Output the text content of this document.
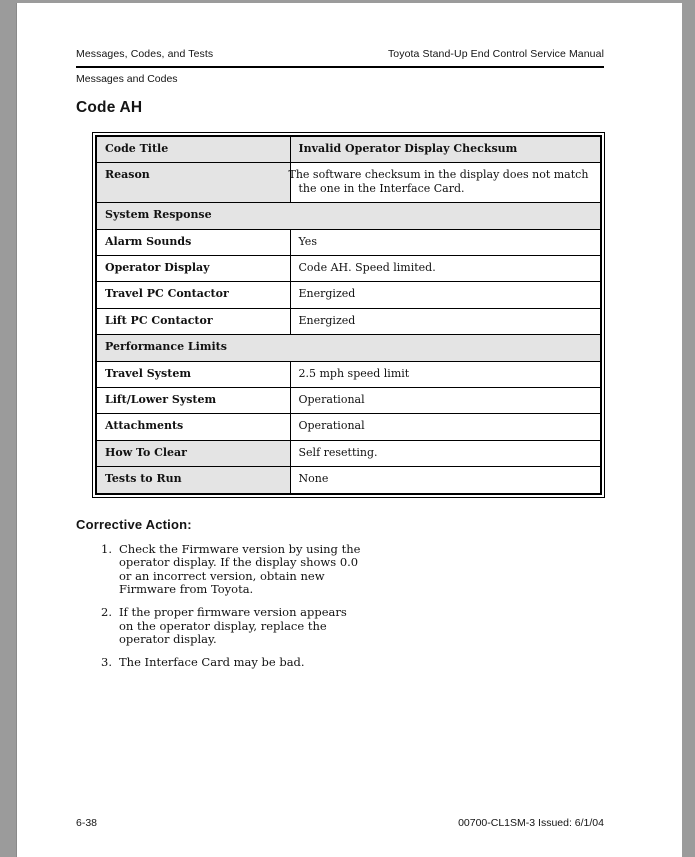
Messages, Codes, and Tests	Toyota Stand-Up End Control Service Manual
Messages and Codes
Code AH
Code Title	Invalid Operator Display Checksum
Reason	The software checksum in the display does not match the one in the Interface Card.
System Response	
Alarm Sounds	Yes
Operator Display	Code AH. Speed limited.
Travel PC Contactor	Energized
Lift PC Contactor	Energized
Performance Limits	
Travel System	2.5 mph speed limit
Lift/Lower System	Operational
Attachments	Operational
How To Clear	Self resetting.
Tests to Run	None
Corrective Action:
1. Check the Firmware version by using the operator display. If the display shows 0.0 or an incorrect version, obtain new Firmware from Toyota.
2. If the proper firmware version appears on the operator display, replace the operator display.
3. The Interface Card may be bad.
6-38	00700-CL1SM-3 Issued: 6/1/04
